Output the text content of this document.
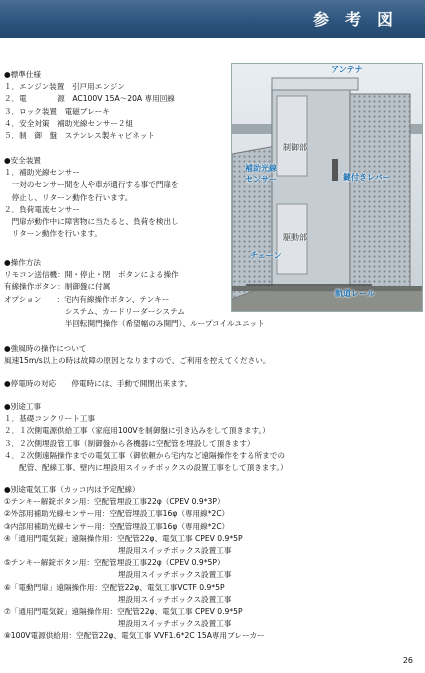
参考図
●標準仕様
１．エンジン装置　引戸用エンジン
２．電　　　　源　AC100V 15A～20A 専用回線
３．ロック装置　電磁ブレーキ
４．安全対策　補助光線センサー２組
５．制　御　盤　ステンレス製キャビネット
●安全装置
１．補助光線センサー
　一対のセンサー間を人や車が通行する事で門扉を
　停止し、リターン動作を行います。
２．負荷電流センサー
　門扉が動作中に障害物に当たると、負荷を検出し
　リターン動作を行います。
●操作方法
リモコン送信機：開・停止・閉　ボタンによる操作
有線操作ボタン：制御盤に付属
オプション　　：宅内有線操作ボタン、テンキー
　　　　　　　　システム、カードリーダーシステム
　　　　　　　　半回転開門操作（希望幅のみ開門）、ループコイルユニット
●強風時の操作について
風速15m/s以上の時は故障の原因となりますので、ご利用を控えてください。
●停電時の対応　　停電時には、手動で開閉出来ます。
●別途工事
１．基礎コンクリート工事
２．１次側電源供給工事（家庭用100Vを制御盤に引き込みをして頂きます。）
３．２次側埋設管工事（制御盤から各機器に空配管を埋設して頂きます）
４．２次側遠隔操作までの電気工事（御依頼から宅内など遠隔操作をする所までの
　　配管、配線工事、壁内に埋設用スイッチボックスの設置工事をして頂きます。）
●別途電気工事（カッコ内は予定配線）
①テンキー解錠ボタン用：空配管埋設工事22φ（CPEV 0.9*3P）
②外部用補助光線センサー用：空配管埋設工事16φ（専用線*2C）
③内部用補助光線センサー用：空配管埋設工事16φ（専用線*2C）
④「通用門電気錠」遠隔操作用：空配管22φ、電気工事 CPEV 0.9*5P
　　　　　　　　　　　　　　　埋設用スイッチボックス設置工事
⑤テンキー解錠ボタン用：空配管埋設工事22φ（CPEV 0.9*5P）
　　　　　　　　　　　　　　　埋設用スイッチボックス設置工事
⑥「電動門扉」遠隔操作用：空配管22φ、電気工事VCTF 0.9*5P
　　　　　　　　　　　　　　　埋設用スイッチボックス設置工事
⑦「通用門電気錠」遠隔操作用：空配管22φ、電気工事 CPEV 0.9*5P
　　　　　　　　　　　　　　　埋設用スイッチボックス設置工事
⑧100V電源供給用：空配管22φ、電気工事 VVF1.6*2C 15A専用ブレーカー
アンテナ
制御部
補助光線
センサー	鍵付きレバー
駆動部
チェーン
軌道レール
26
